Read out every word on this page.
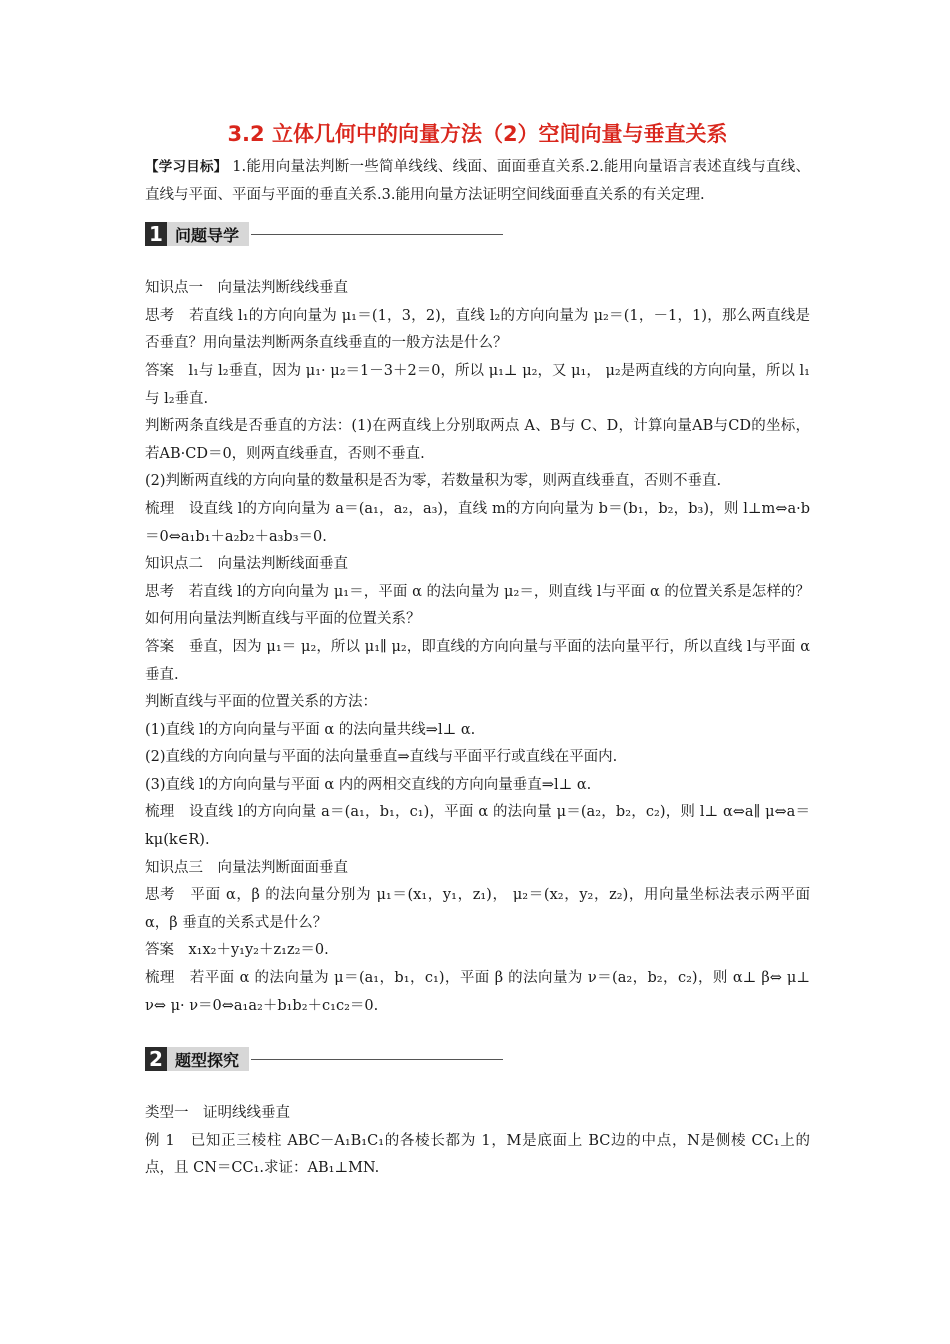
3.2 立体几何中的向量方法（2）空间向量与垂直关系

【学习目标】 1.能用向量法判断一些简单线线、线面、面面垂直关系.2.能用向量语言表述直线与直线、直线与平面、平面与平面的垂直关系.3.能用向量方法证明空间线面垂直关系的有关定理.

1 问题导学

知识点一　向量法判断线线垂直

思考　若直线 l₁的方向向量为 μ₁＝(1，3，2)，直线 l₂的方向向量为 μ₂＝(1，－1，1)，那么两直线是否垂直？用向量法判断两条直线垂直的一般方法是什么？

答案　l₁与 l₂垂直，因为 μ₁· μ₂＝1－3＋2＝0，所以 μ₁⊥ μ₂，又 μ₁， μ₂是两直线的方向向量，所以 l₁与 l₂垂直.

判断两条直线是否垂直的方法：(1)在两直线上分别取两点 A、B与 C、D，计算向量AB与CD的坐标，若AB·CD＝0，则两直线垂直，否则不垂直.

(2)判断两直线的方向向量的数量积是否为零，若数量积为零，则两直线垂直，否则不垂直.

梳理　设直线 l的方向向量为 a＝(a₁，a₂，a₃)，直线 m的方向向量为 b＝(b₁，b₂，b₃)，则 l⊥m⇔a·b＝0⇔a₁b₁＋a₂b₂＋a₃b₃＝0.

知识点二　向量法判断线面垂直

思考　若直线 l的方向向量为 μ₁＝，平面 α 的法向量为 μ₂＝，则直线 l与平面 α 的位置关系是怎样的？如何用向量法判断直线与平面的位置关系？

答案　垂直，因为 μ₁＝ μ₂，所以 μ₁∥ μ₂，即直线的方向向量与平面的法向量平行，所以直线 l与平面 α 垂直.

判断直线与平面的位置关系的方法：

(1)直线 l的方向向量与平面 α 的法向量共线⇒l⊥ α.

(2)直线的方向向量与平面的法向量垂直⇒直线与平面平行或直线在平面内.

(3)直线 l的方向向量与平面 α 内的两相交直线的方向向量垂直⇒l⊥ α.

梳理　设直线 l的方向向量 a＝(a₁，b₁，c₁)，平面 α 的法向量 μ＝(a₂，b₂，c₂)，则 l⊥ α⇔a∥ μ⇔a＝kμ(k∈R).

知识点三　向量法判断面面垂直

思考　平面 α，β 的法向量分别为 μ₁＝(x₁，y₁，z₁)， μ₂＝(x₂，y₂，z₂)，用向量坐标法表示两平面 α，β 垂直的关系式是什么？

答案　x₁x₂＋y₁y₂＋z₁z₂＝0.

梳理　若平面 α 的法向量为 μ＝(a₁，b₁，c₁)，平面 β 的法向量为 ν＝(a₂，b₂，c₂)，则 α⊥ β⇔ μ⊥ ν⇔ μ· ν＝0⇔a₁a₂＋b₁b₂＋c₁c₂＝0.

2 题型探究

类型一　证明线线垂直

例 1　已知正三棱柱 ABC－A₁B₁C₁的各棱长都为 1，M是底面上 BC边的中点，N是侧棱 CC₁上的点，且 CN＝CC₁.求证：AB₁⊥MN.
